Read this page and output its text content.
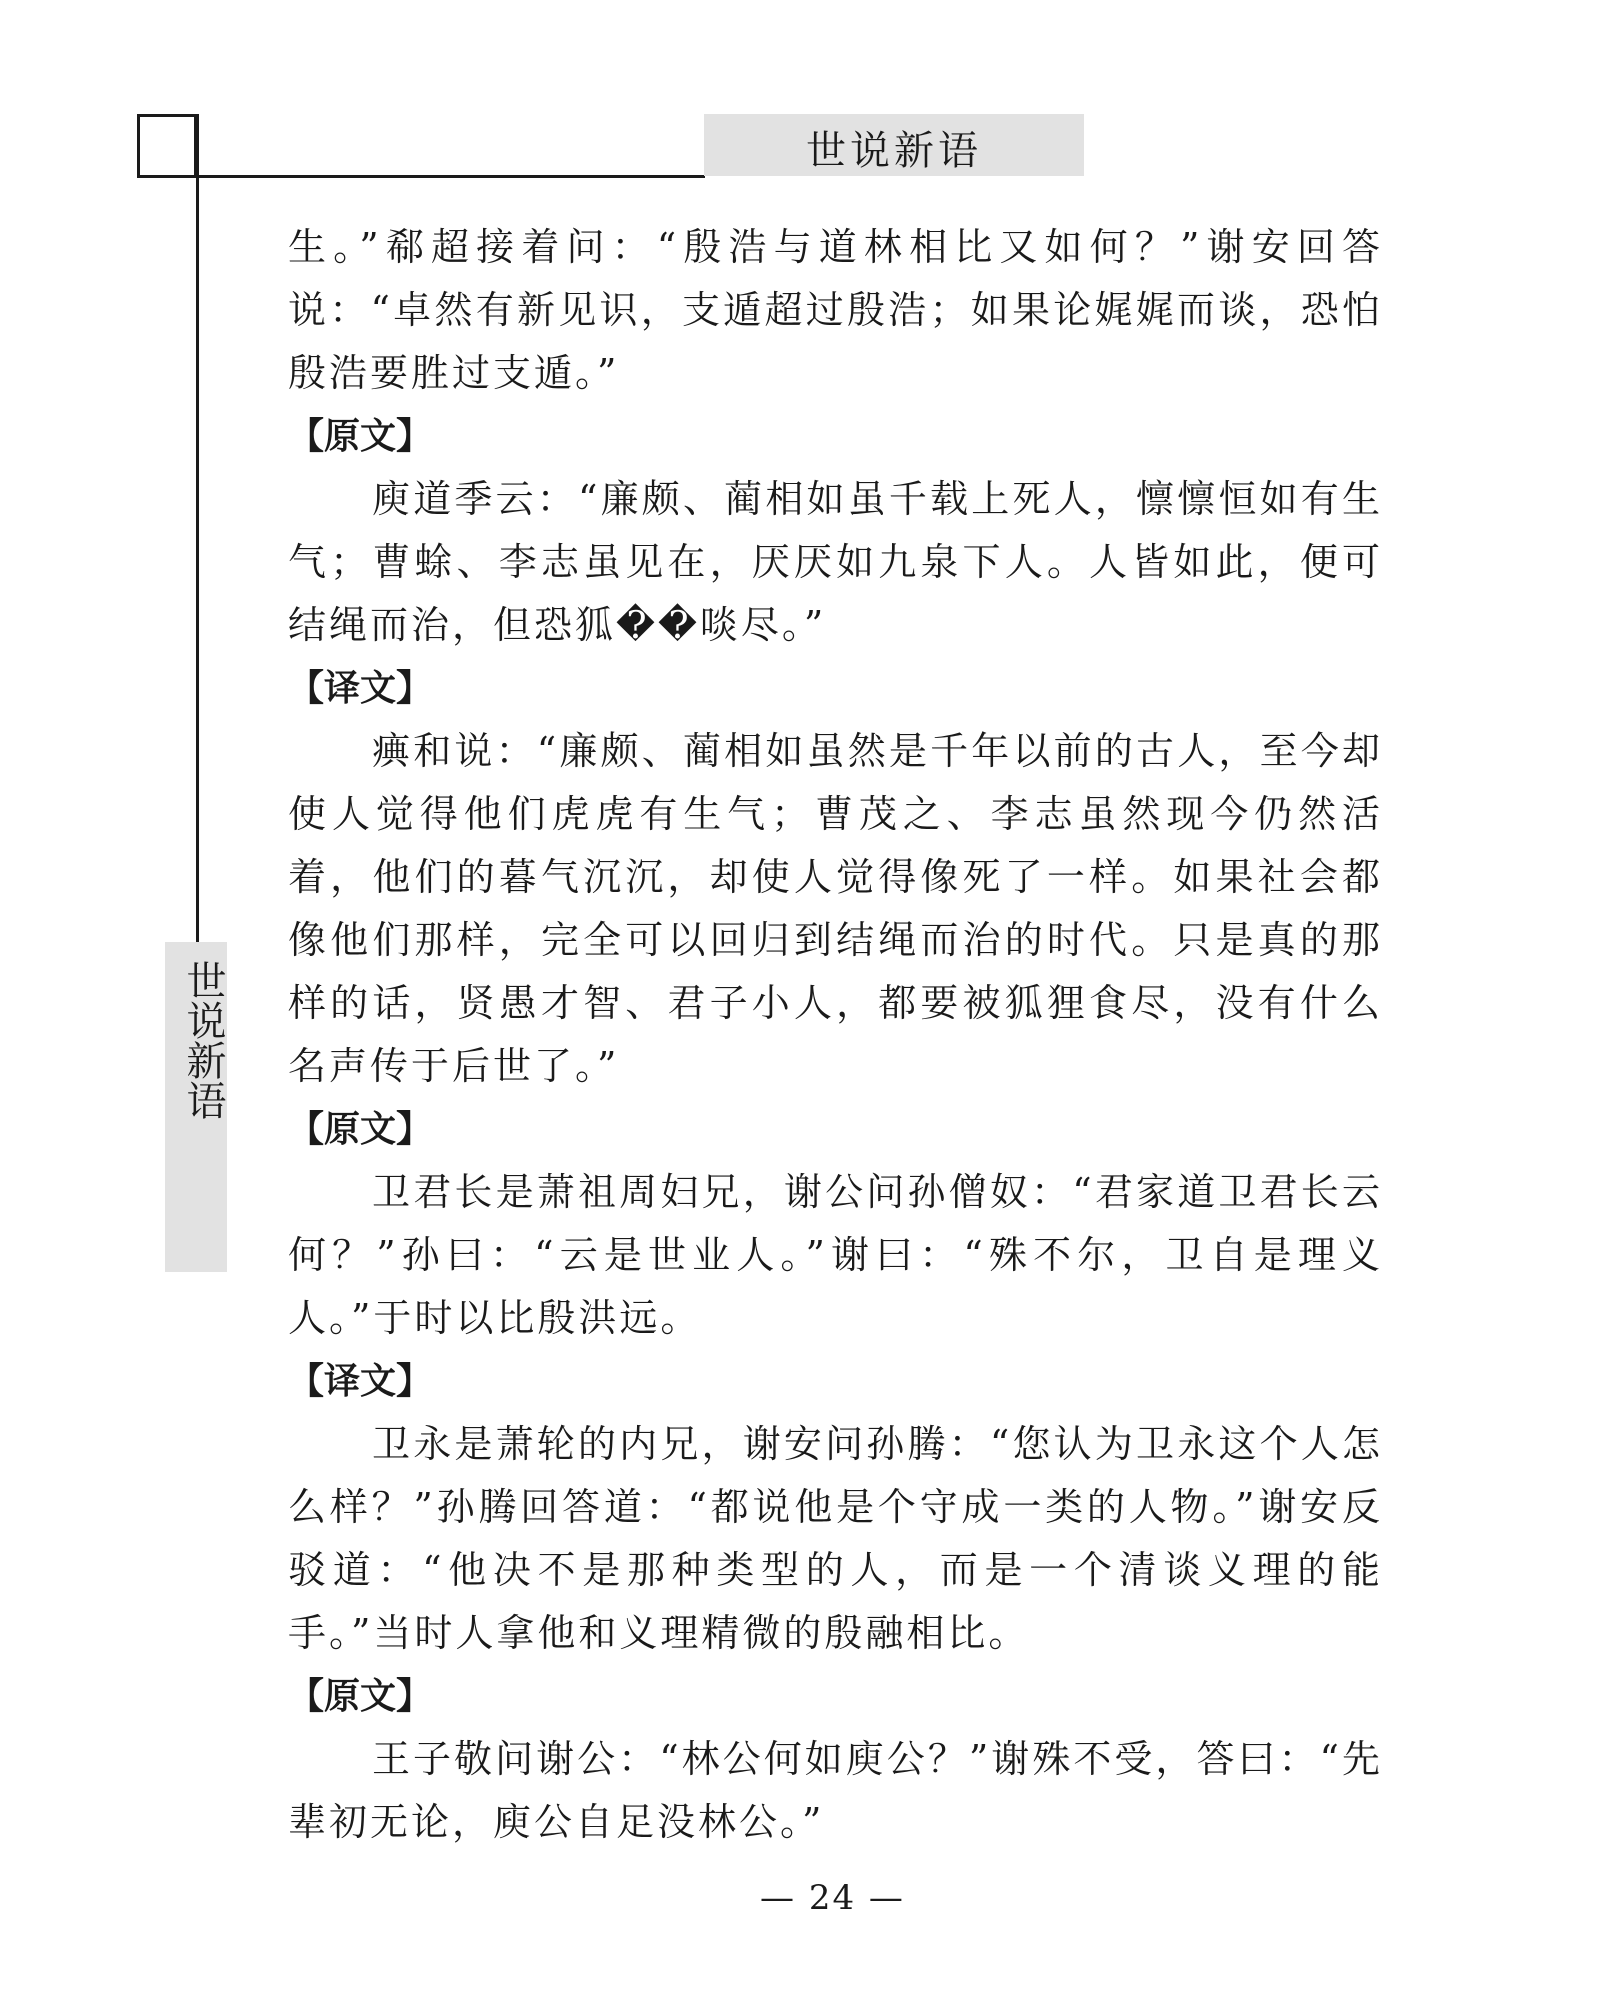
世说新语
世说新语

生。”郗超接着问：“殷浩与道林相比又如何？”谢安回答说：“卓然有新见识，支遁超过殷浩；如果论娓娓而谈，恐怕殷浩要胜过支遁。”

【原文】

庾道季云：“廉颇、蔺相如虽千载上死人，懔懔恒如有生气；曹蜍、李志虽见在，厌厌如九泉下人。人皆如此，便可结绳而治，但恐狐��啖尽。”

【译文】

痶和说：“廉颇、蔺相如虽然是千年以前的古人，至今却使人觉得他们虎虎有生气；曹茂之、李志虽然现今仍然活着，他们的暮气沉沉，却使人觉得像死了一样。如果社会都像他们那样，完全可以回归到结绳而治的时代。只是真的那样的话，贤愚才智、君子小人，都要被狐狸食尽，没有什么名声传于后世了。”

【原文】

卫君长是萧祖周妇兄，谢公问孙僧奴：“君家道卫君长云何？”孙曰：“云是世业人。”谢曰：“殊不尔，卫自是理义人。”于时以比殷洪远。

【译文】

卫永是萧轮的内兄，谢安问孙腾：“您认为卫永这个人怎么样？”孙腾回答道：“都说他是个守成一类的人物。”谢安反驳道：“他决不是那种类型的人，而是一个清谈义理的能手。”当时人拿他和义理精微的殷融相比。

【原文】

王子敬问谢公：“林公何如庾公？”谢殊不受，答曰：“先辈初无论，庾公自足没林公。”

— 24 —
